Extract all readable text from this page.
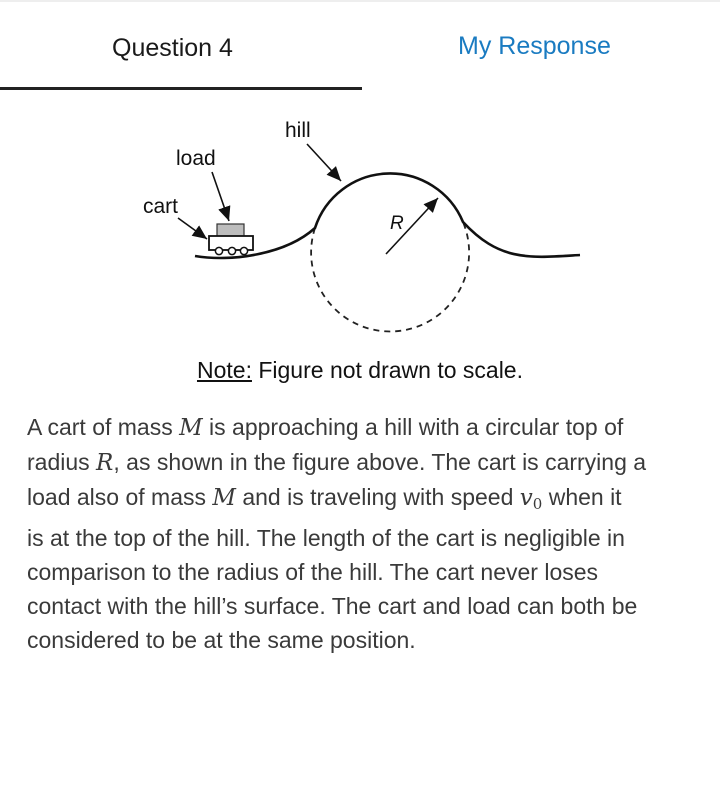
Question 4	My Response
hill
load
cart
R
Note: Figure not drawn to scale.

A cart of mass M is approaching a hill with a circular top of

radius R, as shown in the figure above. The cart is carrying a

load also of mass M and is traveling with speed $v_0$ when it

is at the top of the hill. The length of the cart is negligible in

comparison to the radius of the hill. The cart never loses

contact with the hill’s surface. The cart and load can both be

considered to be at the same position.
